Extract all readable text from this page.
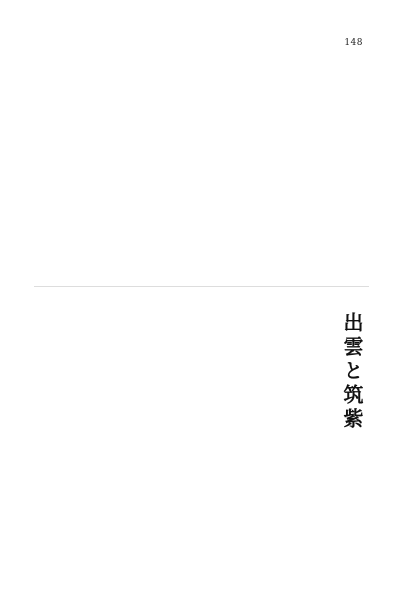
148
出雲と筑紫
